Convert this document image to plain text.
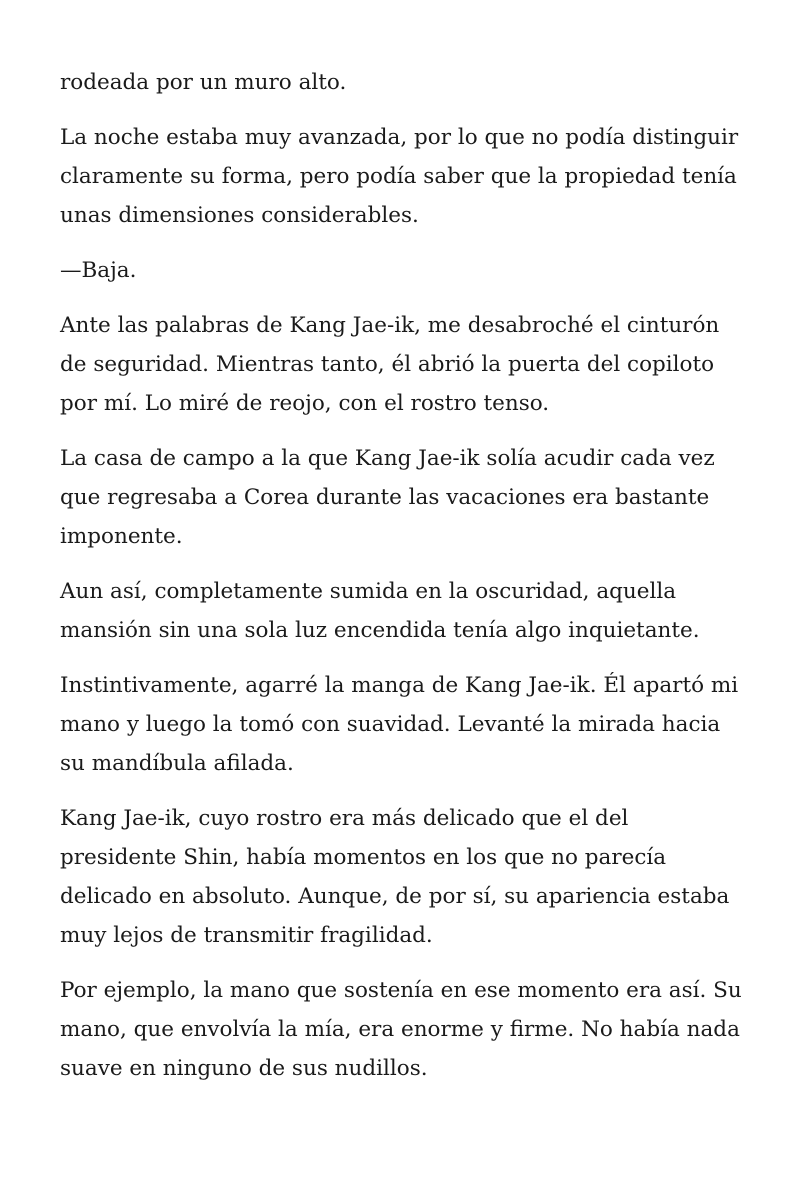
rodeada por un muro alto.

La noche estaba muy avanzada, por lo que no podía distinguir claramente su forma, pero podía saber que la propiedad tenía unas dimensiones considerables.

—Baja.

Ante las palabras de Kang Jae-ik, me desabroché el cinturón de seguridad. Mientras tanto, él abrió la puerta del copiloto por mí. Lo miré de reojo, con el rostro tenso.

La casa de campo a la que Kang Jae-ik solía acudir cada vez que regresaba a Corea durante las vacaciones era bastante imponente.

Aun así, completamente sumida en la oscuridad, aquella mansión sin una sola luz encendida tenía algo inquietante.

Instintivamente, agarré la manga de Kang Jae-ik. Él apartó mi mano y luego la tomó con suavidad. Levanté la mirada hacia su mandíbula afilada.

Kang Jae-ik, cuyo rostro era más delicado que el del presidente Shin, había momentos en los que no parecía delicado en absoluto. Aunque, de por sí, su apariencia estaba muy lejos de transmitir fragilidad.

Por ejemplo, la mano que sostenía en ese momento era así. Su mano, que envolvía la mía, era enorme y firme. No había nada suave en ninguno de sus nudillos.
